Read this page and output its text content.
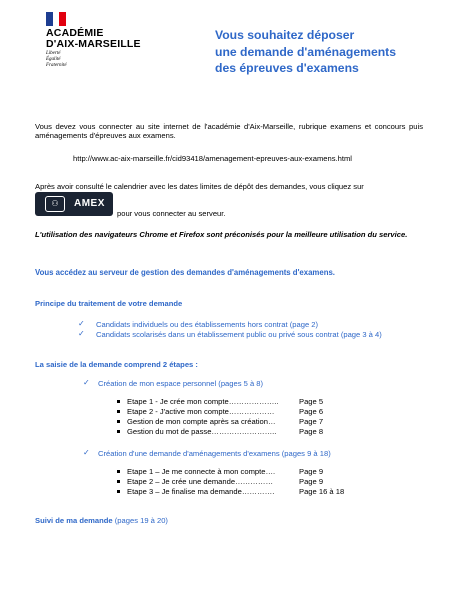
ACADÉMIE
D'AIX-MARSEILLE
Liberté
Égalité
Fraternité
Vous souhaitez déposer
une demande d'aménagements
des épreuves d'examens
Vous devez vous connecter au site internet de l'académie d'Aix-Marseille, rubrique examens et concours puis aménagements d'épreuves aux examens.
http://www.ac-aix-marseille.fr/cid93418/amenagement-epreuves-aux-examens.html
Après avoir consulté le calendrier avec les dates limites de dépôt des demandes, vous cliquez sur
⚇	AMEX
pour vous connecter au serveur.
L'utilisation des navigateurs Chrome et Firefox sont préconisés pour la meilleure utilisation du service.
Vous accédez au serveur de gestion des demandes d'aménagements d'examens.
Principe du traitement de votre demande
✓ Candidats individuels ou des établissements hors contrat (page 2)
✓ Candidats scolarisés dans un établissement public ou privé sous contrat (page 3 à 4)
La saisie de la demande comprend 2 étapes :
✓ Création de mon espace personnel (pages 5 à 8)
Etape 1 - Je crée mon compte………………..	Page 5
Etape 2 - J'active mon compte………………	Page 6
Gestion de mon compte après sa création…	Page 7
Gestion du mot de passe……………………..	Page 8
✓ Création d'une demande d'aménagements d'examens (pages 9 à 18)
Etape 1 – Je me connecte à mon compte….	Page 9
Etape 2 – Je crée une demande……………	Page 9
Etape 3 – Je finalise ma demande………….	Page 16 à 18
Suivi de ma demande (pages 19 à 20)
